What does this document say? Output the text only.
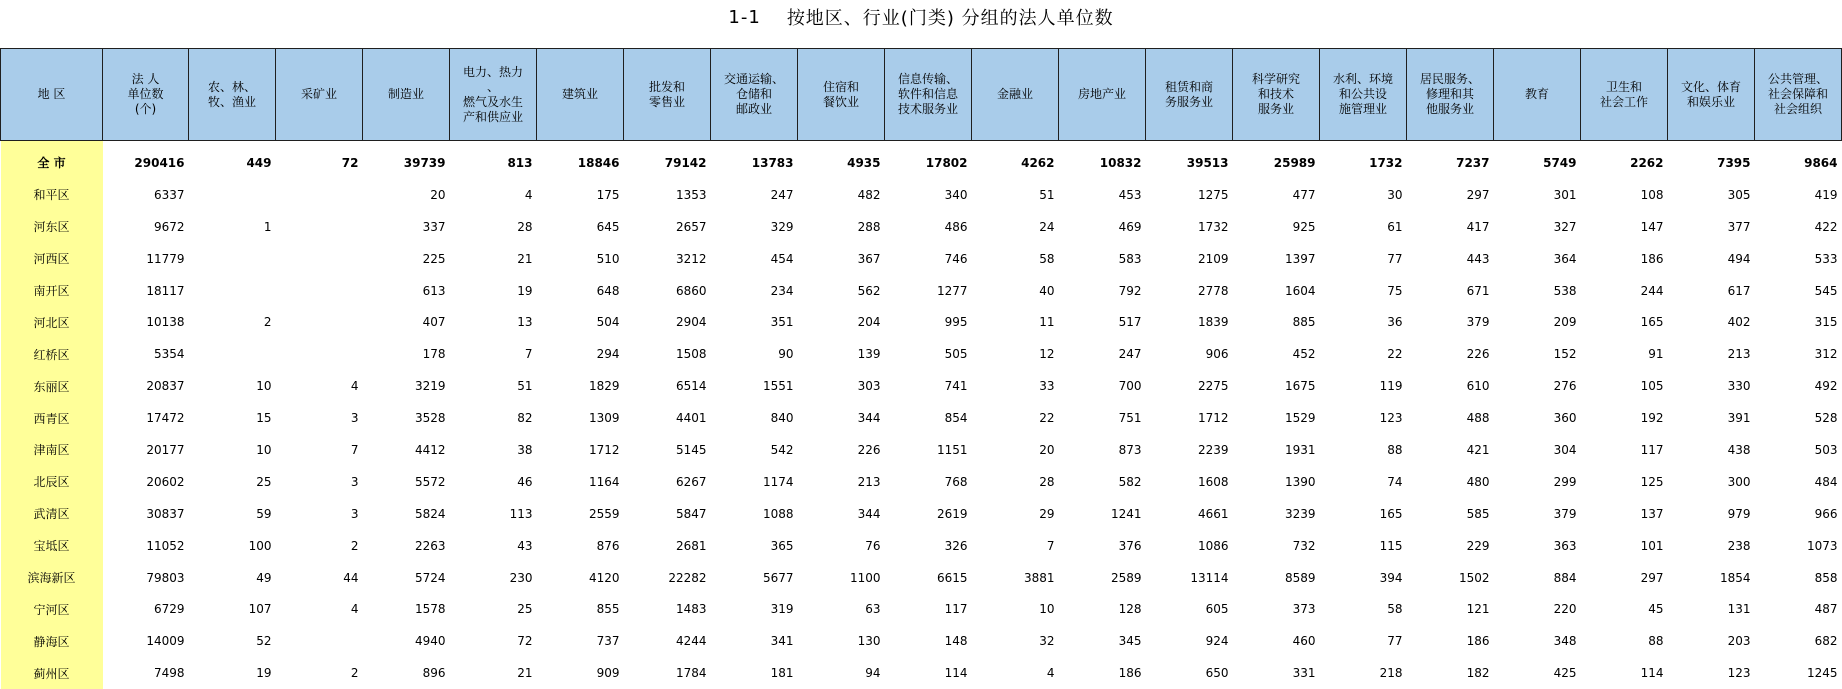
1-1 按地区、行业(门类) 分组的法人单位数
地 区	法 人
单位数
(个)	农、林、
牧、渔业	采矿业	制造业	电力、热力
、
燃气及水生
产和供应业	建筑业	批发和
零售业	交通运输、
仓储和
邮政业	住宿和
餐饮业	信息传输、
软件和信息
技术服务业	金融业	房地产业	租赁和商
务服务业	科学研究
和技术
服务业	水利、环境
和公共设
施管理业	居民服务、
修理和其
他服务业	教育	卫生和
社会工作	文化、体育
和娱乐业	公共管理、
社会保障和
社会组织

全 市	290416	449	72	39739	813	18846	79142	13783	4935	17802	4262	10832	39513	25989	1732	7237	5749	2262	7395	9864
和平区	6337			20	4	175	1353	247	482	340	51	453	1275	477	30	297	301	108	305	419
河东区	9672	1		337	28	645	2657	329	288	486	24	469	1732	925	61	417	327	147	377	422
河西区	11779			225	21	510	3212	454	367	746	58	583	2109	1397	77	443	364	186	494	533
南开区	18117			613	19	648	6860	234	562	1277	40	792	2778	1604	75	671	538	244	617	545
河北区	10138	2		407	13	504	2904	351	204	995	11	517	1839	885	36	379	209	165	402	315
红桥区	5354			178	7	294	1508	90	139	505	12	247	906	452	22	226	152	91	213	312
东丽区	20837	10	4	3219	51	1829	6514	1551	303	741	33	700	2275	1675	119	610	276	105	330	492
西青区	17472	15	3	3528	82	1309	4401	840	344	854	22	751	1712	1529	123	488	360	192	391	528
津南区	20177	10	7	4412	38	1712	5145	542	226	1151	20	873	2239	1931	88	421	304	117	438	503
北辰区	20602	25	3	5572	46	1164	6267	1174	213	768	28	582	1608	1390	74	480	299	125	300	484
武清区	30837	59	3	5824	113	2559	5847	1088	344	2619	29	1241	4661	3239	165	585	379	137	979	966
宝坻区	11052	100	2	2263	43	876	2681	365	76	326	7	376	1086	732	115	229	363	101	238	1073
滨海新区	79803	49	44	5724	230	4120	22282	5677	1100	6615	3881	2589	13114	8589	394	1502	884	297	1854	858
宁河区	6729	107	4	1578	25	855	1483	319	63	117	10	128	605	373	58	121	220	45	131	487
静海区	14009	52		4940	72	737	4244	341	130	148	32	345	924	460	77	186	348	88	203	682
蓟州区	7498	19	2	896	21	909	1784	181	94	114	4	186	650	331	218	182	425	114	123	1245
